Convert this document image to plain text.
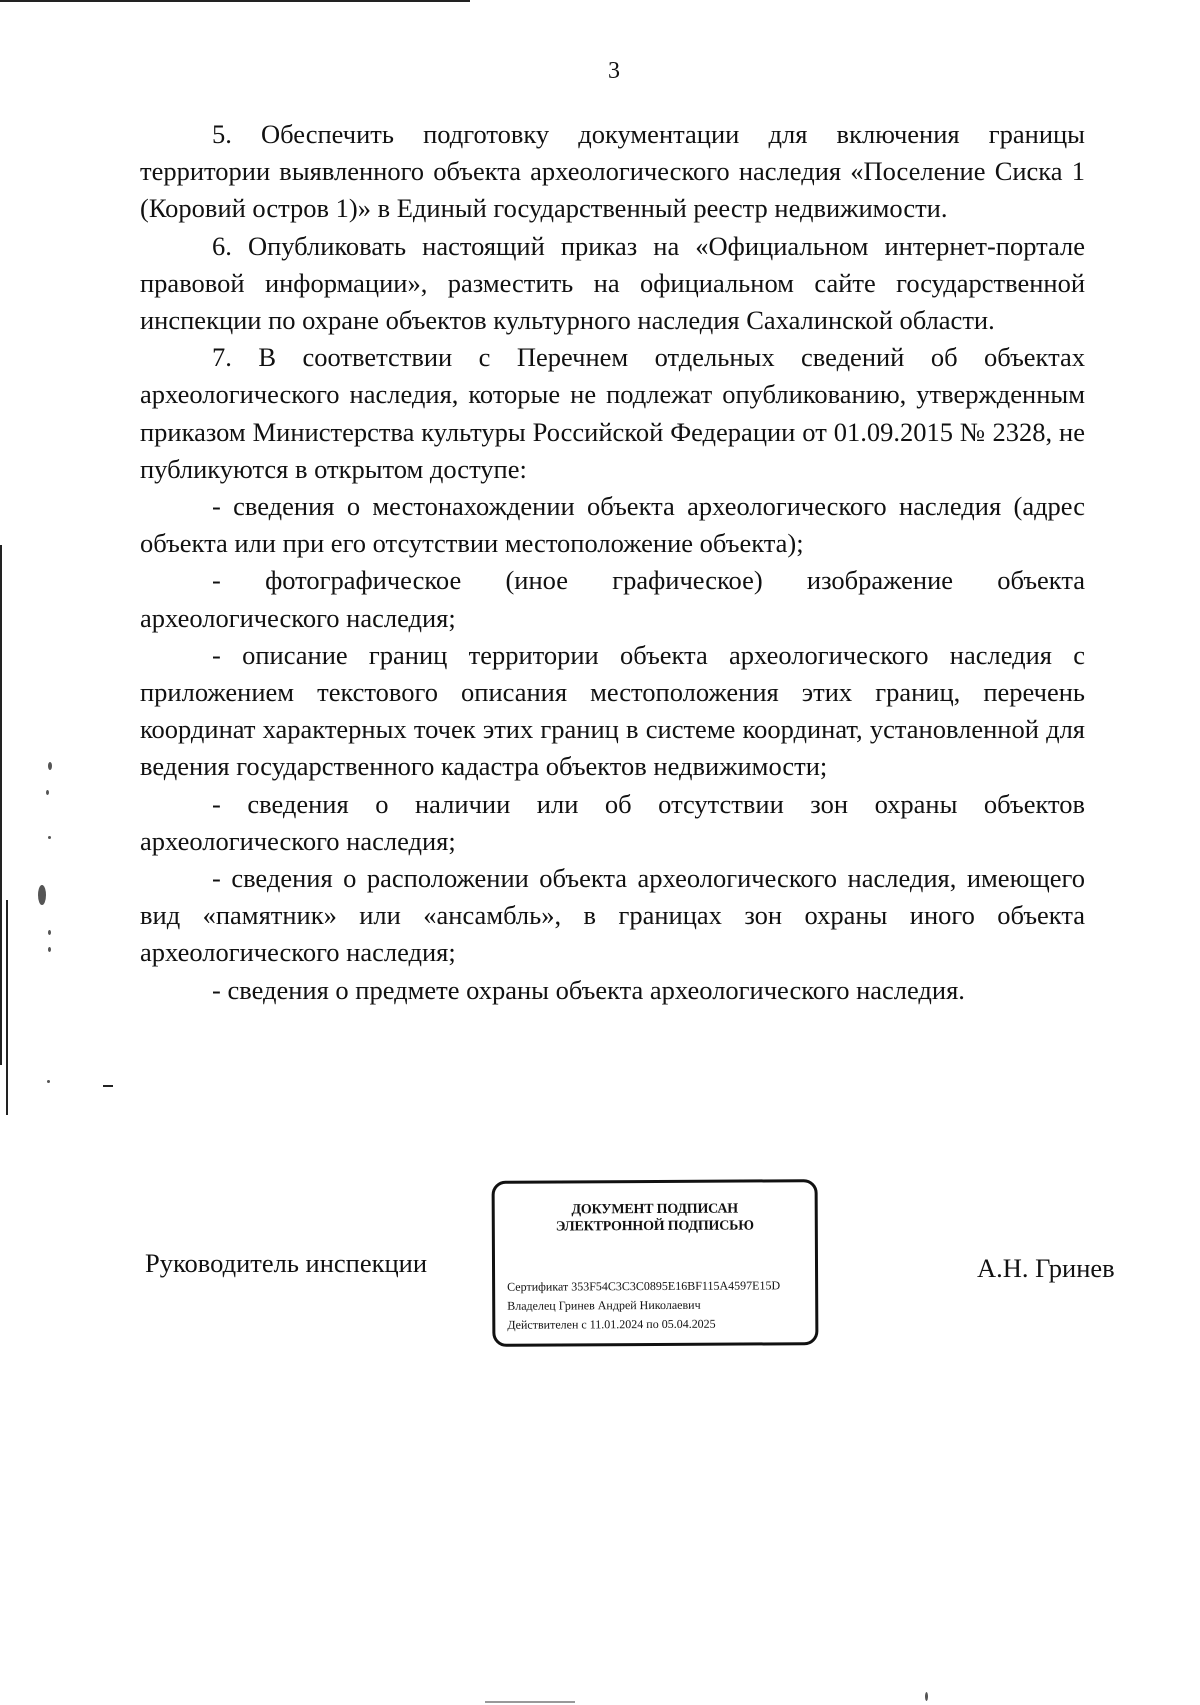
3

5. Обеспечить подготовку документации для включения границы территории выявленного объекта археологического наследия «Поселение Сиска 1 (Коровий остров 1)» в Единый государственный реестр недвижимости.

6. Опубликовать настоящий приказ на «Официальном интернет-портале правовой информации», разместить на официальном сайте государственной инспекции по охране объектов культурного наследия Сахалинской области.

7. В соответствии с Перечнем отдельных сведений об объектах археологического наследия, которые не подлежат опубликованию, утвержденным приказом Министерства культуры Российской Федерации от 01.09.2015 № 2328, не публикуются в открытом доступе:

- сведения о местонахождении объекта археологического наследия (адрес объекта или при его отсутствии местоположение объекта);

- фотографическое (иное графическое) изображение объекта археологического наследия;

- описание границ территории объекта археологического наследия с приложением текстового описания местоположения этих границ, перечень координат характерных точек этих границ в системе координат, установленной для ведения государственного кадастра объектов недвижимости;

- сведения о наличии или об отсутствии зон охраны объектов археологического наследия;

- сведения о расположении объекта археологического наследия, имеющего вид «памятник» или «ансамбль», в границах зон охраны иного объекта археологического наследия;

- сведения о предмете охраны объекта археологического наследия.

Руководитель инспекции	А.Н. Гринев
ДОКУМЕНТ ПОДПИСАН
ЭЛЕКТРОННОЙ ПОДПИСЬЮ
Сертификат 353F54C3C3C0895E16BF115A4597E15D
Владелец Гринев Андрей Николаевич
Действителен с 11.01.2024 по 05.04.2025
